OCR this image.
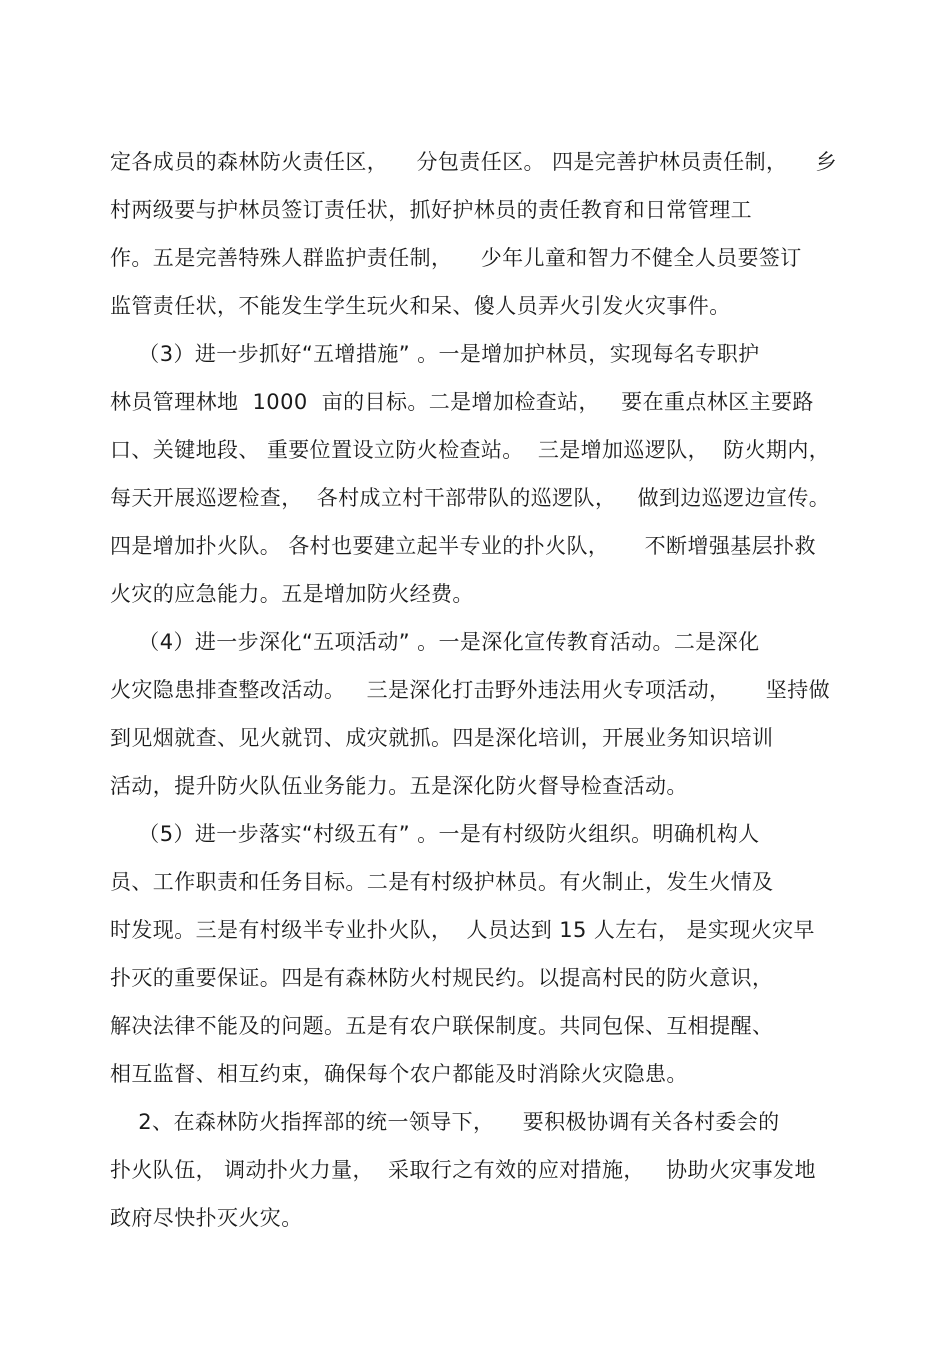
定各成员的森林防火责任区，    分包责任区。 四是完善护林员责任制，    乡
村两级要与护林员签订责任状，抓好护林员的责任教育和日常管理工
作。五是完善特殊人群监护责任制，    少年儿童和智力不健全人员要签订
监管责任状，不能发生学生玩火和呆、傻人员弄火引发火灾事件。
（3）进一步抓好“五增措施” 。一是增加护林员，实现每名专职护
林员管理林地  1000  亩的目标。二是增加检查站，   要在重点林区主要路
口、关键地段、 重要位置设立防火检查站。  三是增加巡逻队，  防火期内，
每天开展巡逻检查，  各村成立村干部带队的巡逻队，   做到边巡逻边宣传。
四是增加扑火队。 各村也要建立起半专业的扑火队，     不断增强基层扑救
火灾的应急能力。五是增加防火经费。
（4）进一步深化“五项活动” 。一是深化宣传教育活动。二是深化
火灾隐患排查整改活动。   三是深化打击野外违法用火专项活动，     坚持做
到见烟就查、见火就罚、成灾就抓。四是深化培训，开展业务知识培训
活动，提升防火队伍业务能力。五是深化防火督导检查活动。
（5）进一步落实“村级五有” 。一是有村级防火组织。明确机构人
员、工作职责和任务目标。二是有村级护林员。有火制止，发生火情及
时发现。三是有村级半专业扑火队，  人员达到 15 人左右， 是实现火灾早
扑灭的重要保证。四是有森林防火村规民约。以提高村民的防火意识，
解决法律不能及的问题。五是有农户联保制度。共同包保、互相提醒、
相互监督、相互约束，确保每个农户都能及时消除火灾隐患。
2、在森林防火指挥部的统一领导下，    要积极协调有关各村委会的
扑火队伍， 调动扑火力量，  采取行之有效的应对措施，   协助火灾事发地
政府尽快扑灭火灾。
